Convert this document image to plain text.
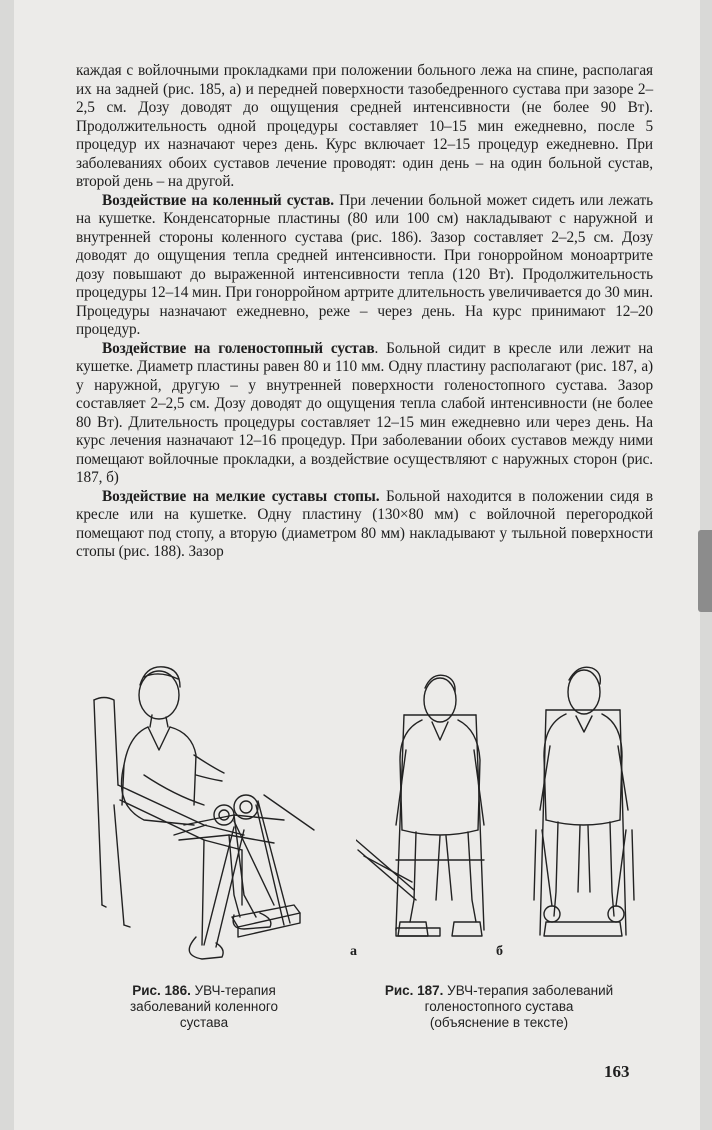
каждая с войлочными прокладками при положении больного лежа на спине, располагая их на задней (рис. 185, а) и передней поверхности тазобедренного сустава при зазоре 2–2,5 см. Дозу доводят до ощущения средней интенсивности (не более 90 Вт). Продолжительность одной процедуры составляет 10–15 мин ежедневно, после 5 процедур их назначают через день. Курс включает 12–15 процедур ежедневно. При заболеваниях обоих суставов лечение проводят: один день – на один больной сустав, второй день – на другой.

Воздействие на коленный сустав. При лечении больной может сидеть или лежать на кушетке. Конденсаторные пластины (80 или 100 см) накладывают с наружной и внутренней стороны коленного сустава (рис. 186). Зазор составляет 2–2,5 см. Дозу доводят до ощущения тепла средней интенсивности. При гонорройном моноартрите дозу повышают до выраженной интенсивности тепла (120 Вт). Продолжительность процедуры 12–14 мин. При гонорройном артрите длительность увеличивается до 30 мин. Процедуры назначают ежедневно, реже – через день. На курс принимают 12–20 процедур.

Воздействие на голеностопный сустав. Больной сидит в кресле или лежит на кушетке. Диаметр пластины равен 80 и 110 мм. Одну пластину располагают (рис. 187, а) у наружной, другую – у внутренней поверхности голеностопного сустава. Зазор составляет 2–2,5 см. Дозу доводят до ощущения тепла слабой интенсивности (не более 80 Вт). Длительность процедуры составляет 12–15 мин ежедневно или через день. На курс лечения назначают 12–16 процедур. При заболевании обоих суставов между ними помещают войлочные прокладки, а воздействие осуществляют с наружных сторон (рис. 187, б)

Воздействие на мелкие суставы стопы. Больной находится в положении сидя в кресле или на кушетке. Одну пластину (130×80 мм) с войлочной перегородкой помещают под стопу, а вторую (диаметром 80 мм) накладывают у тыльной поверхности стопы (рис. 188). Зазор

а	б
Рис. 186. УВЧ-терапия
заболеваний коленного
сустава
Рис. 187. УВЧ-терапия заболеваний
голеностопного сустава
(объяснение в тексте)
163
